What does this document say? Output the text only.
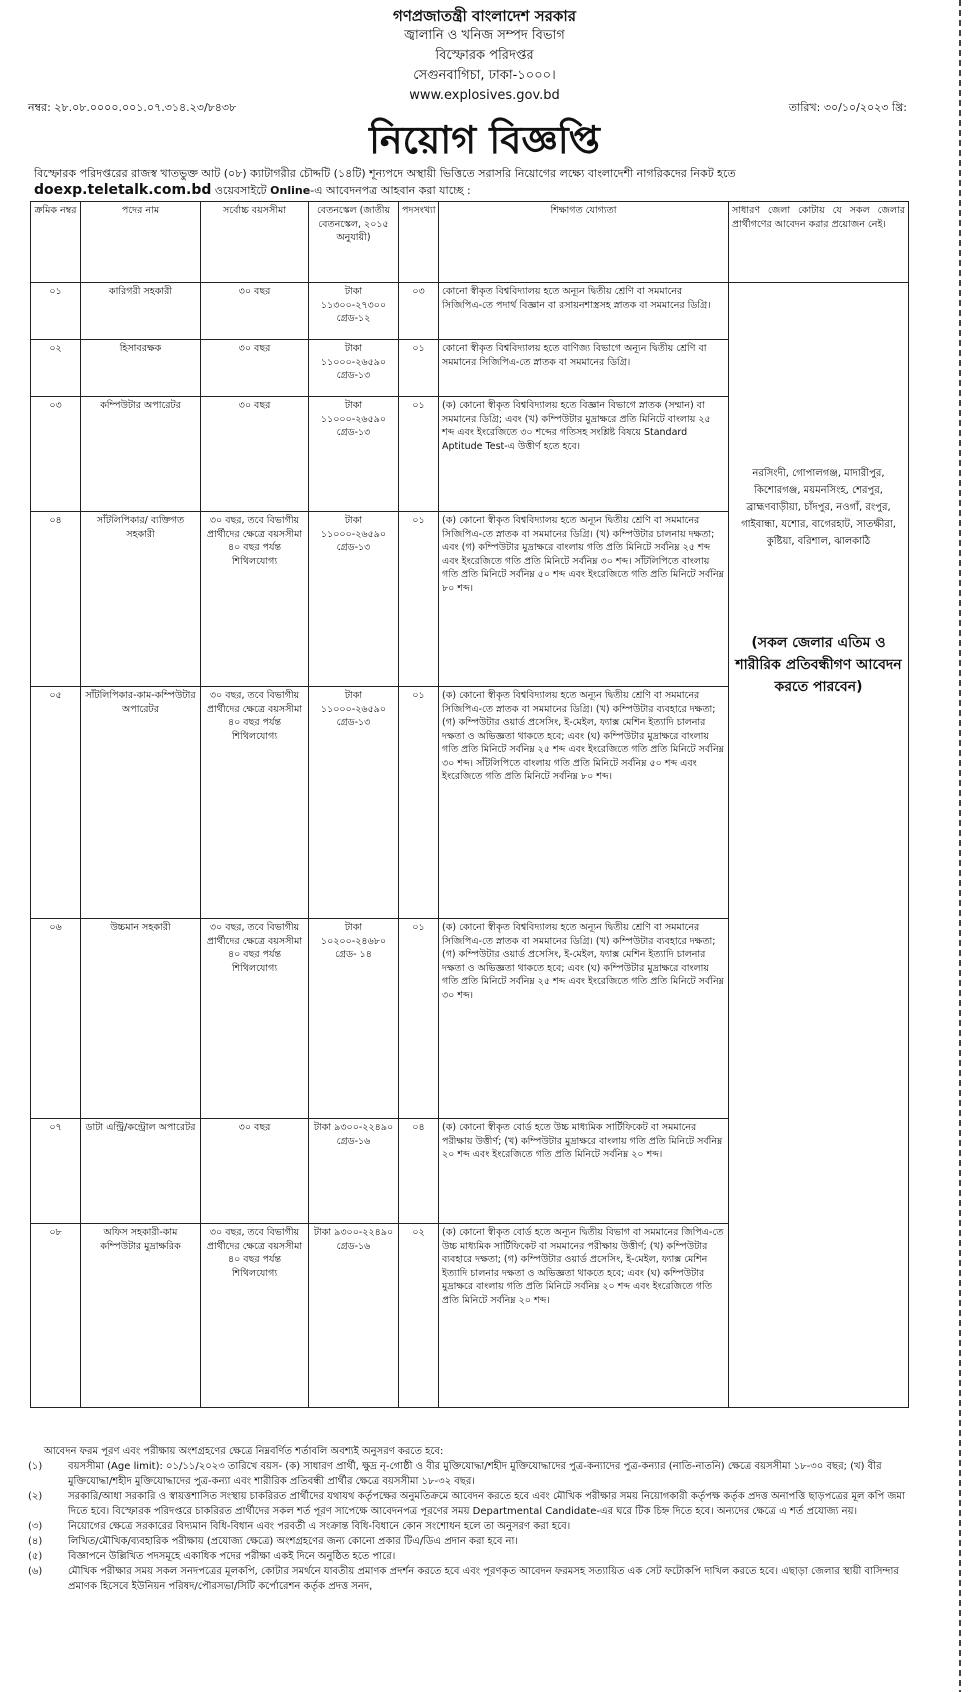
গণপ্রজাতন্ত্রী বাংলাদেশ সরকার
জ্বালানি ও খনিজ সম্পদ বিভাগ
বিস্ফোরক পরিদপ্তর
সেগুনবাগিচা, ঢাকা-১০০০।
www.explosives.gov.bd
নম্বর: ২৮.০৮.০০০০.০০১.০৭.৩১৪.২৩/৮৪৩৮	তারিখ: ৩০/১০/২০২৩ খ্রি:
নিয়োগ বিজ্ঞপ্তি
বিস্ফোরক পরিদপ্তরের রাজস্ব খাতভুক্ত আট (০৮) ক্যাটাগরীর চৌদ্দটি (১৪টি) শূন্যপদে অস্থায়ী ভিত্তিতে সরাসরি নিয়োগের লক্ষ্যে বাংলাদেশী নাগরিকদের নিকট হতে doexp.teletalk.com.bd ওয়েবসাইটে Online-এ আবেদনপত্র আহবান করা যাচ্ছে :
ক্রমিক নম্বর	পদের নাম	সর্বোচ্চ বয়সসীমা	বেতনস্কেল (জাতীয় বেতনস্কেল, ২০১৫ অনুযায়ী)	পদসংখ্যা	শিক্ষাগত যোগ্যতা	সাধারণ জেলা কোটায় যে সকল জেলার প্রার্থীগণের আবেদন করার প্রয়োজন নেই।
০১	কারিগরী সহকারী	৩০ বছর	টাকা ১১৩০০-২৭৩০০ গ্রেড-১২	০৩	কোনো স্বীকৃত বিশ্ববিদ্যালয় হতে অন্যূন দ্বিতীয় শ্রেণি বা সমমানের সিজিপিএ-তে পদার্থ বিজ্ঞান বা রসায়নশাস্ত্রসহ স্নাতক বা সমমানের ডিগ্রি।	নরসিংদী, গোপালগঞ্জ, মাদারীপুর, কিশোরগঞ্জ, ময়মনসিংহ, শেরপুর, ব্রাহ্মণবাড়ীয়া, চাঁদপুর, নওগাঁ, রংপুর, গাইবান্ধা, যশোর, বাগেরহাট, সাতক্ষীরা, কুষ্টিয়া, বরিশাল, ঝালকাঠি
(সকল জেলার এতিম ও শারীরিক প্রতিবন্ধীগণ আবেদন করতে পারবেন)

০২	হিসাবরক্ষক	৩০ বছর	টাকা ১১০০০-২৬৫৯০ গ্রেড-১৩	০১	কোনো স্বীকৃত বিশ্ববিদ্যালয় হতে বাণিজ্য বিভাগে অন্যূন দ্বিতীয় শ্রেণি বা সমমানের সিজিপিএ-তে স্নাতক বা সমমানের ডিগ্রি।	
০৩	কম্পিউটার অপারেটর	৩০ বছর	টাকা ১১০০০-২৬৫৯০ গ্রেড-১৩	০১	(ক) কোনো স্বীকৃত বিশ্ববিদ্যালয় হতে বিজ্ঞান বিভাগে স্নাতক (সম্মান) বা সমমানের ডিগ্রি; এবং (খ) কম্পিউটার মুদ্রাক্ষরে প্রতি মিনিটে বাংলায় ২৫ শব্দ এবং ইংরেজিতে ৩০ শব্দের গতিসহ সংশ্লিষ্ট বিষয়ে Standard Aptitude Test-এ উত্তীর্ণ হতে হবে।	
০৪	সাঁটলিপিকার/ ব্যক্তিগত সহকারী	৩০ বছর, তবে বিভাগীয় প্রার্থীদের ক্ষেত্রে বয়সসীমা ৪০ বছর পর্যন্ত শিথিলযোগ্য	টাকা ১১০০০-২৬৫৯০ গ্রেড-১৩	০১	(ক) কোনো স্বীকৃত বিশ্ববিদ্যালয় হতে অন্যূন দ্বিতীয় শ্রেণি বা সমমানের সিজিপিএ-তে স্নাতক বা সমমানের ডিগ্রি। (খ) কম্পিউটার চালনায় দক্ষতা; এবং (গ) কম্পিউটার মুদ্রাক্ষরে বাংলায় গতি প্রতি মিনিটে সর্বনিম্ন ২৫ শব্দ এবং ইংরেজিতে গতি প্রতি মিনিটে সর্বনিম্ন ৩০ শব্দ। সাঁটলিপিতে বাংলায় গতি প্রতি মিনিটে সর্বনিম্ন ৫০ শব্দ এবং ইংরেজিতে গতি প্রতি মিনিটে সর্বনিম্ন ৮০ শব্দ।	
০৫	সাঁটলিপিকার-কাম-কম্পিউটার অপারেটর	৩০ বছর, তবে বিভাগীয় প্রার্থীদের ক্ষেত্রে বয়সসীমা ৪০ বছর পর্যন্ত শিথিলযোগ্য	টাকা ১১০০০-২৬৫৯০ গ্রেড-১৩	০১	(ক) কোনো স্বীকৃত বিশ্ববিদ্যালয় হতে অন্যূন দ্বিতীয় শ্রেণি বা সমমানের সিজিপিএ-তে স্নাতক বা সমমানের ডিগ্রি। (খ) কম্পিউটার ব্যবহারে দক্ষতা; (গ) কম্পিউটার ওয়ার্ড প্রসেসিং, ই-মেইল, ফ্যাক্স মেশিন ইত্যাদি চালনার দক্ষতা ও অভিজ্ঞতা থাকতে হবে; এবং (ঘ) কম্পিউটার মুদ্রাক্ষরে বাংলায় গতি প্রতি মিনিটে সর্বনিম্ন ২৫ শব্দ এবং ইংরেজিতে গতি প্রতি মিনিটে সর্বনিম্ন ৩০ শব্দ। সাঁটলিপিতে বাংলায় গতি প্রতি মিনিটে সর্বনিম্ন ৫০ শব্দ এবং ইংরেজিতে গতি প্রতি মিনিটে সর্বনিম্ন ৮০ শব্দ।	
০৬	উচ্চমান সহকারী	৩০ বছর, তবে বিভাগীয় প্রার্থীদের ক্ষেত্রে বয়সসীমা ৪০ বছর পর্যন্ত শিথিলযোগ্য	টাকা ১০২০০-২৪৬৮০ গ্রেড- ১৪	০১	(ক) কোনো স্বীকৃত বিশ্ববিদ্যালয় হতে অন্যূন দ্বিতীয় শ্রেণি বা সমমানের সিজিপিএ-তে স্নাতক বা সমমানের ডিগ্রি। (খ) কম্পিউটার ব্যবহারে দক্ষতা; (গ) কম্পিউটার ওয়ার্ড প্রসেসিং, ই-মেইল, ফ্যাক্স মেশিন ইত্যাদি চালনার দক্ষতা ও অভিজ্ঞতা থাকতে হবে; এবং (ঘ) কম্পিউটার মুদ্রাক্ষরে বাংলায় গতি প্রতি মিনিটে সর্বনিম্ন ২৫ শব্দ এবং ইংরেজিতে গতি প্রতি মিনিটে সর্বনিম্ন ৩০ শব্দ।	
০৭	ডাটা এন্ট্রি/কন্ট্রোল অপারেটর	৩০ বছর	টাকা ৯৩০০-২২৪৯০ গ্রেড-১৬	০৪	(ক) কোনো স্বীকৃত বোর্ড হতে উচ্চ মাধ্যমিক সার্টিফিকেট বা সমমানের পরীক্ষায় উত্তীর্ণ; (খ) কম্পিউটার মুদ্রাক্ষরে বাংলায় গতি প্রতি মিনিটে সর্বনিম্ন ২০ শব্দ এবং ইংরেজিতে গতি প্রতি মিনিটে সর্বনিম্ন ২০ শব্দ।	
০৮	অফিস সহকারী-কাম কম্পিউটার মুদ্রাক্ষরিক	৩০ বছর, তবে বিভাগীয় প্রার্থীদের ক্ষেত্রে বয়সসীমা ৪০ বছর পর্যন্ত শিথিলযোগ্য	টাকা ৯৩০০-২২৪৯০ গ্রেড-১৬	০২	(ক) কোনো স্বীকৃত বোর্ড হতে অন্যূন দ্বিতীয় বিভাগ বা সমমানের জিপিএ-তে উচ্চ মাধ্যমিক সার্টিফিকেট বা সমমানের পরীক্ষায় উত্তীর্ণ; (খ) কম্পিউটার ব্যবহারে দক্ষতা; (গ) কম্পিউটার ওয়ার্ড প্রসেসিং, ই-মেইল, ফ্যাক্স মেশিন ইত্যাদি চালনার দক্ষতা ও অভিজ্ঞতা থাকতে হবে; এবং (ঘ) কম্পিউটার মুদ্রাক্ষরে বাংলায় গতি প্রতি মিনিটে সর্বনিম্ন ২০ শব্দ এবং ইংরেজিতে গতি প্রতি মিনিটে সর্বনিম্ন ২০ শব্দ।	
আবেদন ফরম পূরণ এবং পরীক্ষায় অংশগ্রহণের ক্ষেত্রে নিম্নবর্ণিত শর্তাবলি অবশ্যই অনুসরণ করতে হবে:
(১)	বয়সসীমা (Age limit): ০১/১১/২০২৩ তারিখে বয়স- (ক) সাধারণ প্রার্থী, ক্ষুদ্র নৃ-গোষ্ঠী ও বীর মুক্তিযোদ্ধা/শহীদ মুক্তিযোদ্ধাদের পুত্র-কন্যাদের পুত্র-কন্যার (নাতি-নাতনি) ক্ষেত্রে বয়সসীমা ১৮-৩০ বছর; (খ) বীর মুক্তিযোদ্ধা/শহীদ মুক্তিযোদ্ধাদের পুত্র-কন্যা এবং শারীরিক প্রতিবন্ধী প্রার্থীর ক্ষেত্রে বয়সসীমা ১৮-৩২ বছর।
(২)	সরকারি/আধা সরকারি ও স্বায়ত্তশাসিত সংস্থায় চাকরিরত প্রার্থীদের যথাযথ কর্তৃপক্ষের অনুমতিক্রমে আবেদন করতে হবে এবং মৌখিক পরীক্ষার সময় নিয়োগকারী কর্তৃপক্ষ কর্তৃক প্রদত্ত অনাপত্তি ছাড়পত্রের মূল কপি জমা দিতে হবে। বিস্ফোরক পরিদপ্তরে চাকরিরত প্রার্থীদের সকল শর্ত পূরণ সাপেক্ষে আবেদনপত্র পূরণের সময় Departmental Candidate-এর ঘরে টিক চিহ্ন দিতে হবে। অন্যদের ক্ষেত্রে এ শর্ত প্রযোজ্য নয়।
(৩)	নিয়োগের ক্ষেত্রে সরকারের বিদ্যমান বিধি-বিধান এবং পরবর্তী এ সংক্রান্ত বিধি-বিধানে কোন সংশোধন হলে তা অনুসরণ করা হবে।
(৪)	লিখিত/মৌখিক/ব্যবহারিক পরীক্ষায় (প্রযোজ্য ক্ষেত্রে) অংশগ্রহণের জন্য কোনো প্রকার টিএ/ডিএ প্রদান করা হবে না।
(৫)	বিজ্ঞাপনে উল্লিখিত পদসমূহে একাধিক পদের পরীক্ষা একই দিনে অনুষ্ঠিত হতে পারে।
(৬)	মৌখিক পরীক্ষার সময় সকল সনদপত্রের মূলকপি, কোটার সমর্থনে যাবতীয় প্রমাণক প্রদর্শন করতে হবে এবং পূরণকৃত আবেদন ফরমসহ সত্যায়িত এক সেট ফটোকপি দাখিল করতে হবে। এছাড়া জেলার স্থায়ী বাসিন্দার প্রমাণক হিসেবে ইউনিয়ন পরিষদ/পৌরসভা/সিটি কর্পোরেশন কর্তৃক প্রদত্ত সনদ,
